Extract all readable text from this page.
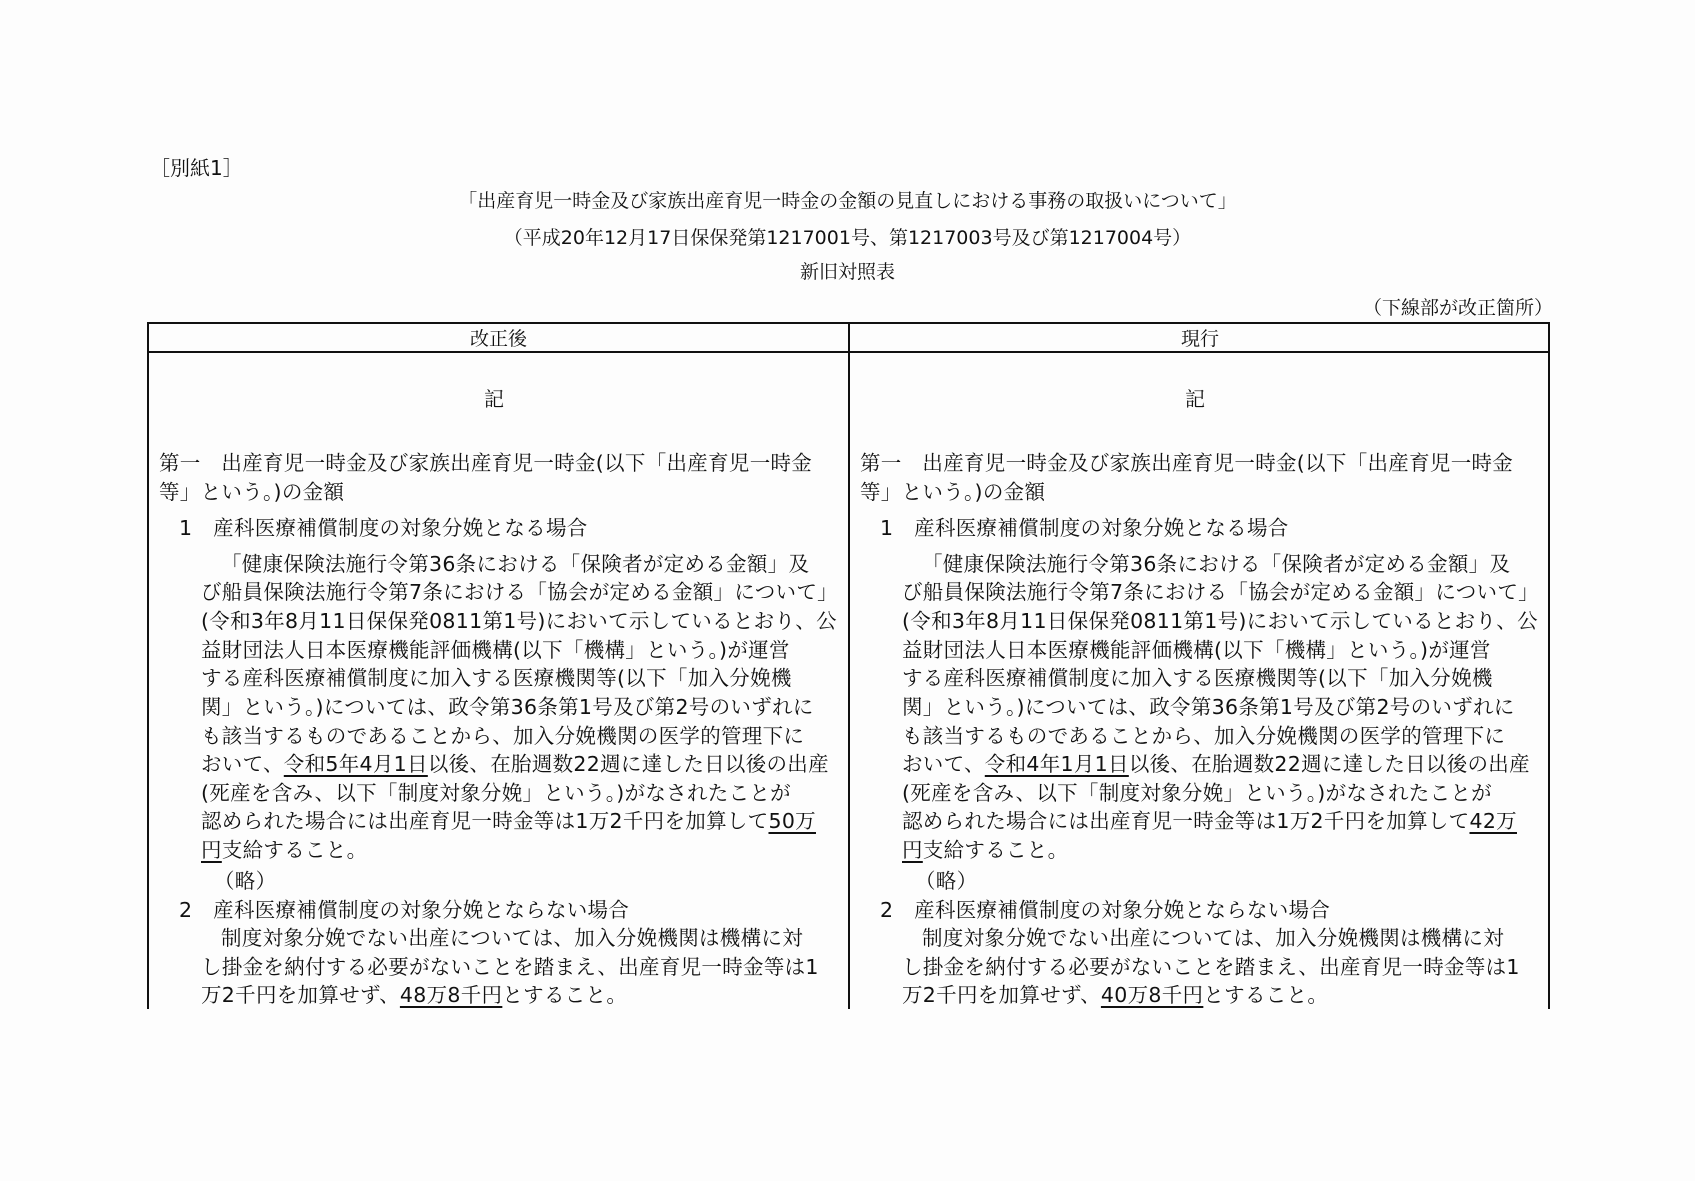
［別紙1］
「出産育児一時金及び家族出産育児一時金の金額の見直しにおける事務の取扱いについて」
（平成20年12月17日保保発第1217001号、第1217003号及び第1217004号）
新旧対照表
（下線部が改正箇所）
改正後	現行
記
第一　出産育児一時金及び家族出産育児一時金(以下「出産育児一時金
等」という。)の金額
1　産科医療補償制度の対象分娩となる場合
「健康保険法施行令第36条における「保険者が定める金額」及
び船員保険法施行令第7条における「協会が定める金額」について」
(令和3年8月11日保保発0811第1号)において示しているとおり、公
益財団法人日本医療機能評価機構(以下「機構」という。)が運営
する産科医療補償制度に加入する医療機関等(以下「加入分娩機
関」という。)については、政令第36条第1号及び第2号のいずれに
も該当するものであることから、加入分娩機関の医学的管理下に
おいて、令和5年4月1日以後、在胎週数22週に達した日以後の出産
(死産を含み、以下「制度対象分娩」という。)がなされたことが
認められた場合には出産育児一時金等は1万2千円を加算して50万
円支給すること。
（略）
2　産科医療補償制度の対象分娩とならない場合
制度対象分娩でない出産については、加入分娩機関は機構に対
し掛金を納付する必要がないことを踏まえ、出産育児一時金等は1
万2千円を加算せず、48万8千円とすること。
記
第一　出産育児一時金及び家族出産育児一時金(以下「出産育児一時金
等」という。)の金額
1　産科医療補償制度の対象分娩となる場合
「健康保険法施行令第36条における「保険者が定める金額」及
び船員保険法施行令第7条における「協会が定める金額」について」
(令和3年8月11日保保発0811第1号)において示しているとおり、公
益財団法人日本医療機能評価機構(以下「機構」という。)が運営
する産科医療補償制度に加入する医療機関等(以下「加入分娩機
関」という。)については、政令第36条第1号及び第2号のいずれに
も該当するものであることから、加入分娩機関の医学的管理下に
おいて、令和4年1月1日以後、在胎週数22週に達した日以後の出産
(死産を含み、以下「制度対象分娩」という。)がなされたことが
認められた場合には出産育児一時金等は1万2千円を加算して42万
円支給すること。
（略）
2　産科医療補償制度の対象分娩とならない場合
制度対象分娩でない出産については、加入分娩機関は機構に対
し掛金を納付する必要がないことを踏まえ、出産育児一時金等は1
万2千円を加算せず、40万8千円とすること。
